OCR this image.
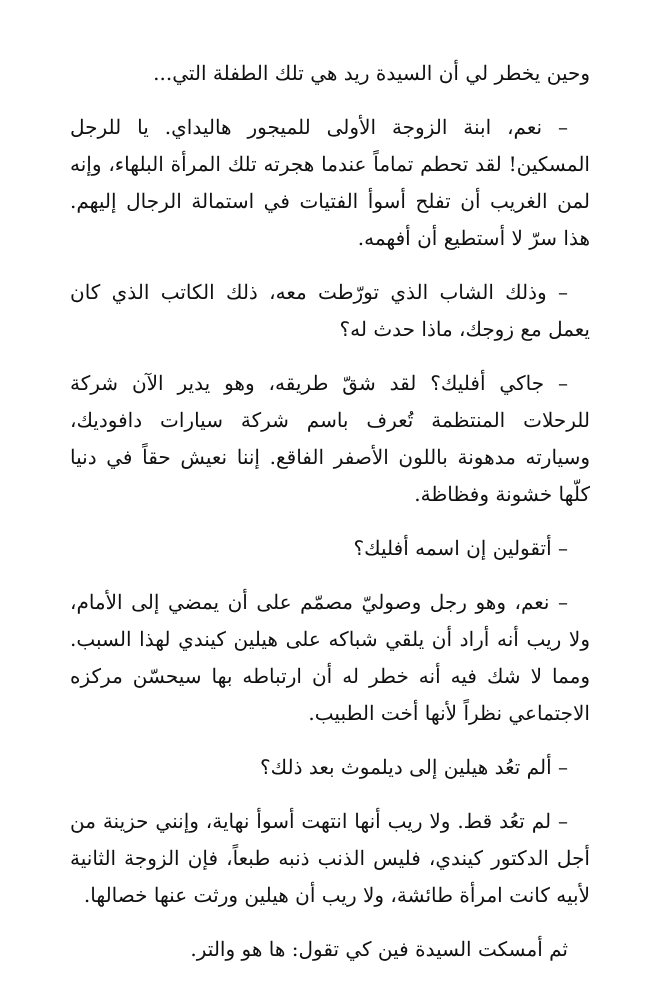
وحين يخطر لي أن السيدة ريد هي تلك الطفلة التي...

– نعم، ابنة الزوجة الأولى للميجور هاليداي. يا للرجل المسكين! لقد تحطم تماماً عندما هجرته تلك المرأة البلهاء، وإنه لمن الغريب أن تفلح أسوأ الفتيات في استمالة الرجال إليهم. هذا سرّ لا أستطيع أن أفهمه.

– وذلك الشاب الذي تورّطت معه، ذلك الكاتب الذي كان يعمل مع زوجك، ماذا حدث له؟

– جاكي أفليك؟ لقد شقّ طريقه، وهو يدير الآن شركة للرحلات المنتظمة تُعرف باسم شركة سيارات دافوديك، وسيارته مدهونة باللون الأصفر الفاقع. إننا نعيش حقاً في دنيا كلّها خشونة وفظاظة.

– أتقولين إن اسمه أفليك؟

– نعم، وهو رجل وصوليّ مصمّم على أن يمضي إلى الأمام، ولا ريب أنه أراد أن يلقي شباكه على هيلين كيندي لهذا السبب. ومما لا شك فيه أنه خطر له أن ارتباطه بها سيحسّن مركزه الاجتماعي نظراً لأنها أخت الطبيب.

– ألم تعُد هيلين إلى ديلموث بعد ذلك؟

– لم تعُد قط. ولا ريب أنها انتهت أسوأ نهاية، وإنني حزينة من أجل الدكتور كيندي، فليس الذنب ذنبه طبعاً، فإن الزوجة الثانية لأبيه كانت امرأة طائشة، ولا ريب أن هيلين ورثت عنها خصالها.

ثم أمسكت السيدة فين كي تقول: ها هو والتر.
